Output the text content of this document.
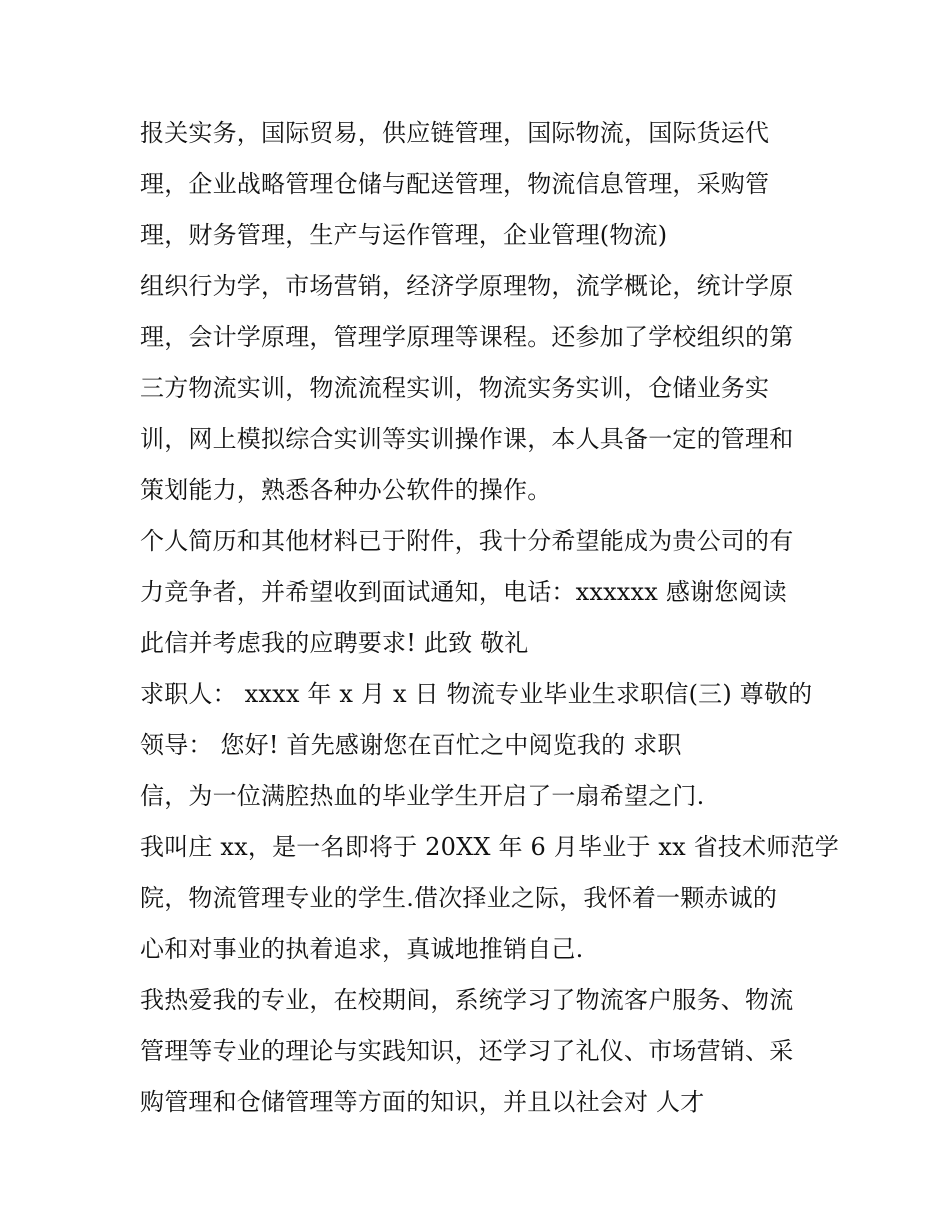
报关实务，国际贸易，供应链管理，国际物流，国际货运代
理，企业战略管理仓储与配送管理，物流信息管理，采购管
理，财务管理，生产与运作管理，企业管理(物流)
组织行为学，市场营销，经济学原理物，流学概论，统计学原
理，会计学原理，管理学原理等课程。还参加了学校组织的第
三方物流实训，物流流程实训，物流实务实训，仓储业务实
训，网上模拟综合实训等实训操作课，本人具备一定的管理和
策划能力，熟悉各种办公软件的操作。
个人简历和其他材料已于附件，我十分希望能成为贵公司的有
力竞争者，并希望收到面试通知，电话：xxxxxx 感谢您阅读
此信并考虑我的应聘要求! 此致 敬礼
求职人： xxxx 年 x 月 x 日 物流专业毕业生求职信(三) 尊敬的
领导： 您好! 首先感谢您在百忙之中阅览我的 求职
信，为一位满腔热血的毕业学生开启了一扇希望之门.
我叫庄 xx，是一名即将于 20XX 年 6 月毕业于 xx 省技术师范学
院，物流管理专业的学生.借次择业之际，我怀着一颗赤诚的
心和对事业的执着追求，真诚地推销自己.
我热爱我的专业，在校期间，系统学习了物流客户服务、物流
管理等专业的理论与实践知识，还学习了礼仪、市场营销、采
购管理和仓储管理等方面的知识，并且以社会对 人才
